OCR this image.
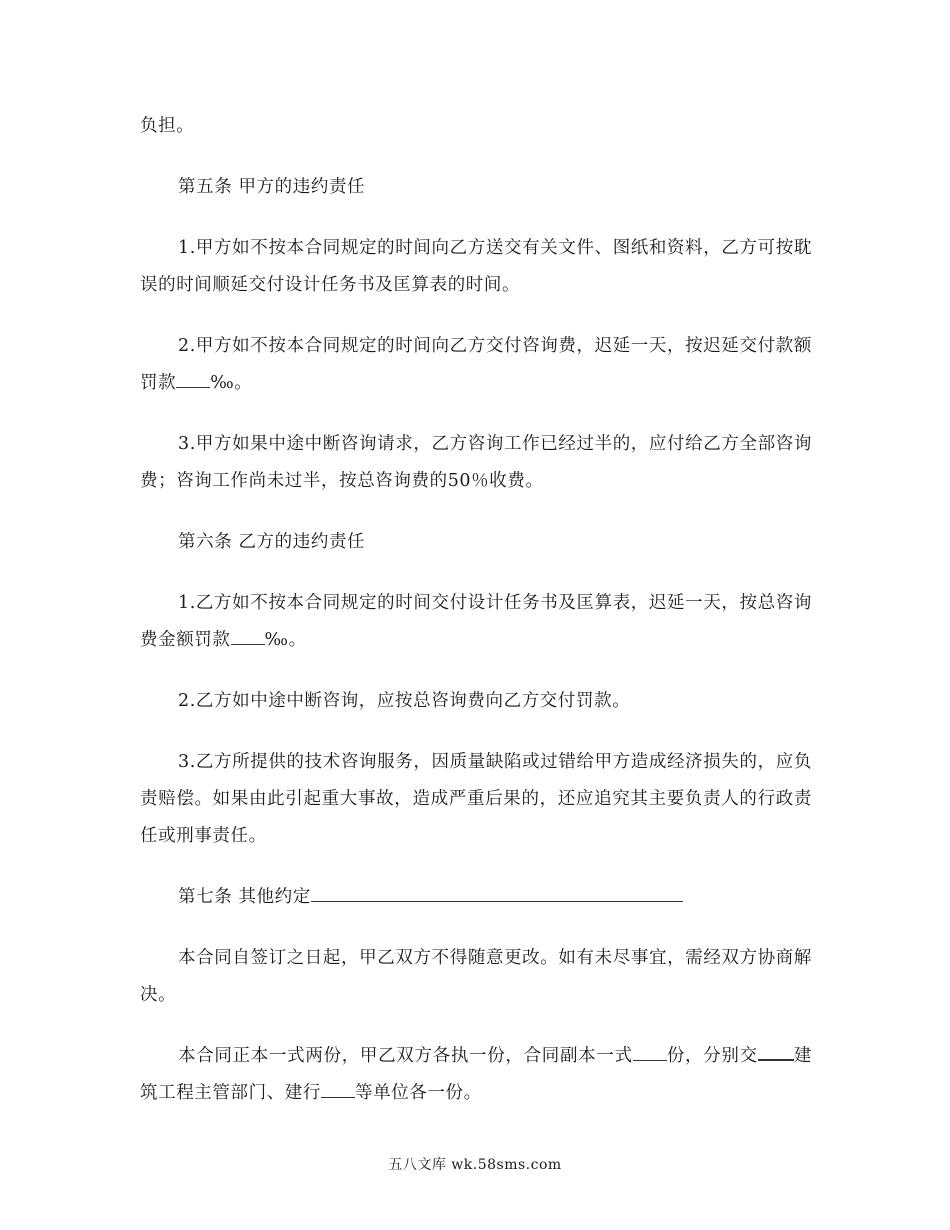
负担。

第五条 甲方的违约责任

1.甲方如不按本合同规定的时间向乙方送交有关文件、图纸和资料，乙方可按耽误的时间顺延交付设计任务书及匡算表的时间。

2.甲方如不按本合同规定的时间向乙方交付咨询费，迟延一天，按迟延交付款额罚款 ‰。

3.甲方如果中途中断咨询请求，乙方咨询工作已经过半的，应付给乙方全部咨询费；咨询工作尚未过半，按总咨询费的50％收费。

第六条 乙方的违约责任

1.乙方如不按本合同规定的时间交付设计任务书及匡算表，迟延一天，按总咨询费金额罚款 ‰。

2.乙方如中途中断咨询，应按总咨询费向乙方交付罚款。

3.乙方所提供的技术咨询服务，因质量缺陷或过错给甲方造成经济损失的，应负责赔偿。如果由此引起重大事故，造成严重后果的，还应追究其主要负责人的行政责任或刑事责任。

第七条 其他约定

本合同自签订之日起，甲乙双方不得随意更改。如有未尽事宜，需经双方协商解决。

本合同正本一式两份，甲乙双方各执一份，合同副本一式 份，分别交 建筑工程主管部门、建行 等单位各一份。

五八文库 wk.58sms.com
